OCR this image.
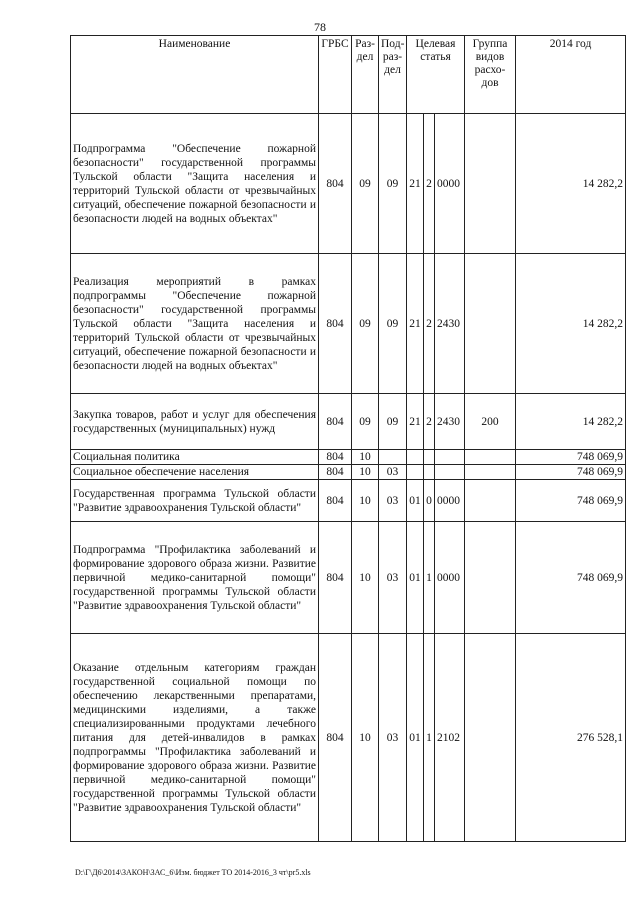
78
Наименование	ГРБС	Раз-дел	Под-раз-дел	Целевая статья			Группа видов расхо-дов	2014 год
Подпрограмма "Обеспечение пожарной безопасности" государственной программы Тульской области "Защита населения и территорий Тульской области от чрезвычайных ситуаций, обеспечение пожарной безопасности и безопасности людей на водных объектах"	804	09	09	21	2	0000		14 282,2
Реализация мероприятий в рамках подпрограммы "Обеспечение пожарной безопасности" государственной программы Тульской области "Защита населения и территорий Тульской области от чрезвычайных ситуаций, обеспечение пожарной безопасности и безопасности людей на водных объектах"	804	09	09	21	2	2430		14 282,2
Закупка товаров, работ и услуг для обеспечения государственных (муниципальных) нужд	804	09	09	21	2	2430	200	14 282,2
Социальная политика	804	10						748 069,9
Социальное обеспечение населения	804	10	03					748 069,9
Государственная программа Тульской области "Развитие здравоохранения Тульской области"	804	10	03	01	0	0000		748 069,9
Подпрограмма "Профилактика заболеваний и формирование здорового образа жизни. Развитие первичной медико-санитарной помощи" государственной программы Тульской области "Развитие здравоохранения Тульской области"	804	10	03	01	1	0000		748 069,9
Оказание отдельным категориям граждан государственной социальной помощи по обеспечению лекарственными препаратами, медицинскими изделиями, а также специализированными продуктами лечебного питания для детей-инвалидов в рамках подпрограммы "Профилактика заболеваний и формирование здорового образа жизни. Развитие первичной медико-санитарной помощи" государственной программы Тульской области "Развитие здравоохранения Тульской области"	804	10	03	01	1	2102		276 528,1
D:\Г\Д6\2014\ЗАКОН\ЗАС_6\Изм. бюджет ТО 2014-2016_3 чт\pr5.xls
